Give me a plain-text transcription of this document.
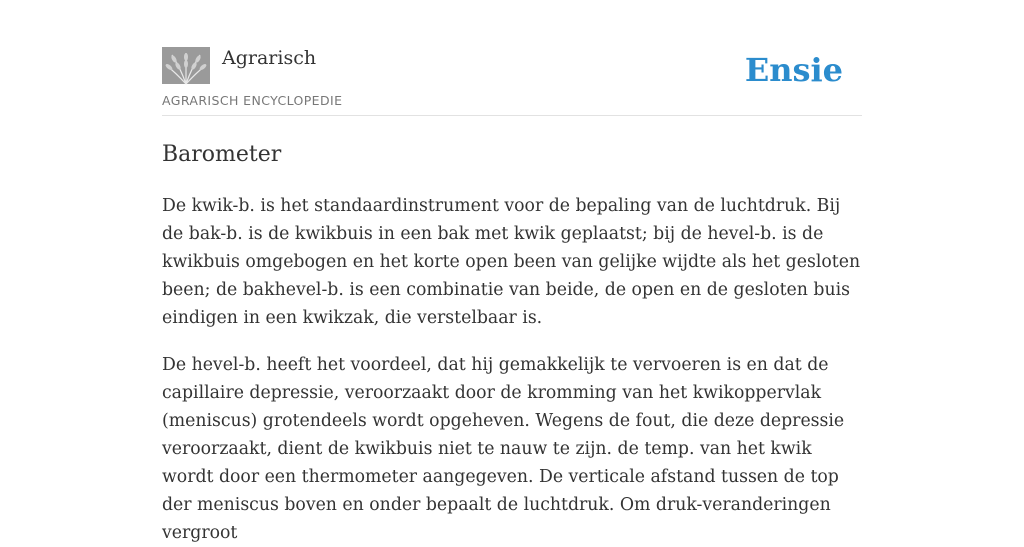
Agrarisch
AGRARISCH ENCYCLOPEDIE
Ensie
Barometer

De kwik-b. is het standaardinstrument voor de bepaling van de luchtdruk. Bij de bak-b. is de kwikbuis in een bak met kwik geplaatst; bij de hevel-b. is de kwikbuis omgebogen en het korte open been van gelijke wijdte als het gesloten been; de bakhevel-b. is een combinatie van beide, de open en de gesloten buis eindigen in een kwikzak, die verstelbaar is.

De hevel-b. heeft het voordeel, dat hij gemakkelijk te vervoeren is en dat de capillaire depressie, veroorzaakt door de kromming van het kwikoppervlak (meniscus) grotendeels wordt opgeheven. Wegens de fout, die deze depressie veroorzaakt, dient de kwikbuis niet te nauw te zijn. de temp. van het kwik wordt door een thermometer aangegeven. De verticale afstand tussen de top der meniscus boven en onder bepaalt de luchtdruk. Om druk-veranderingen vergroot
